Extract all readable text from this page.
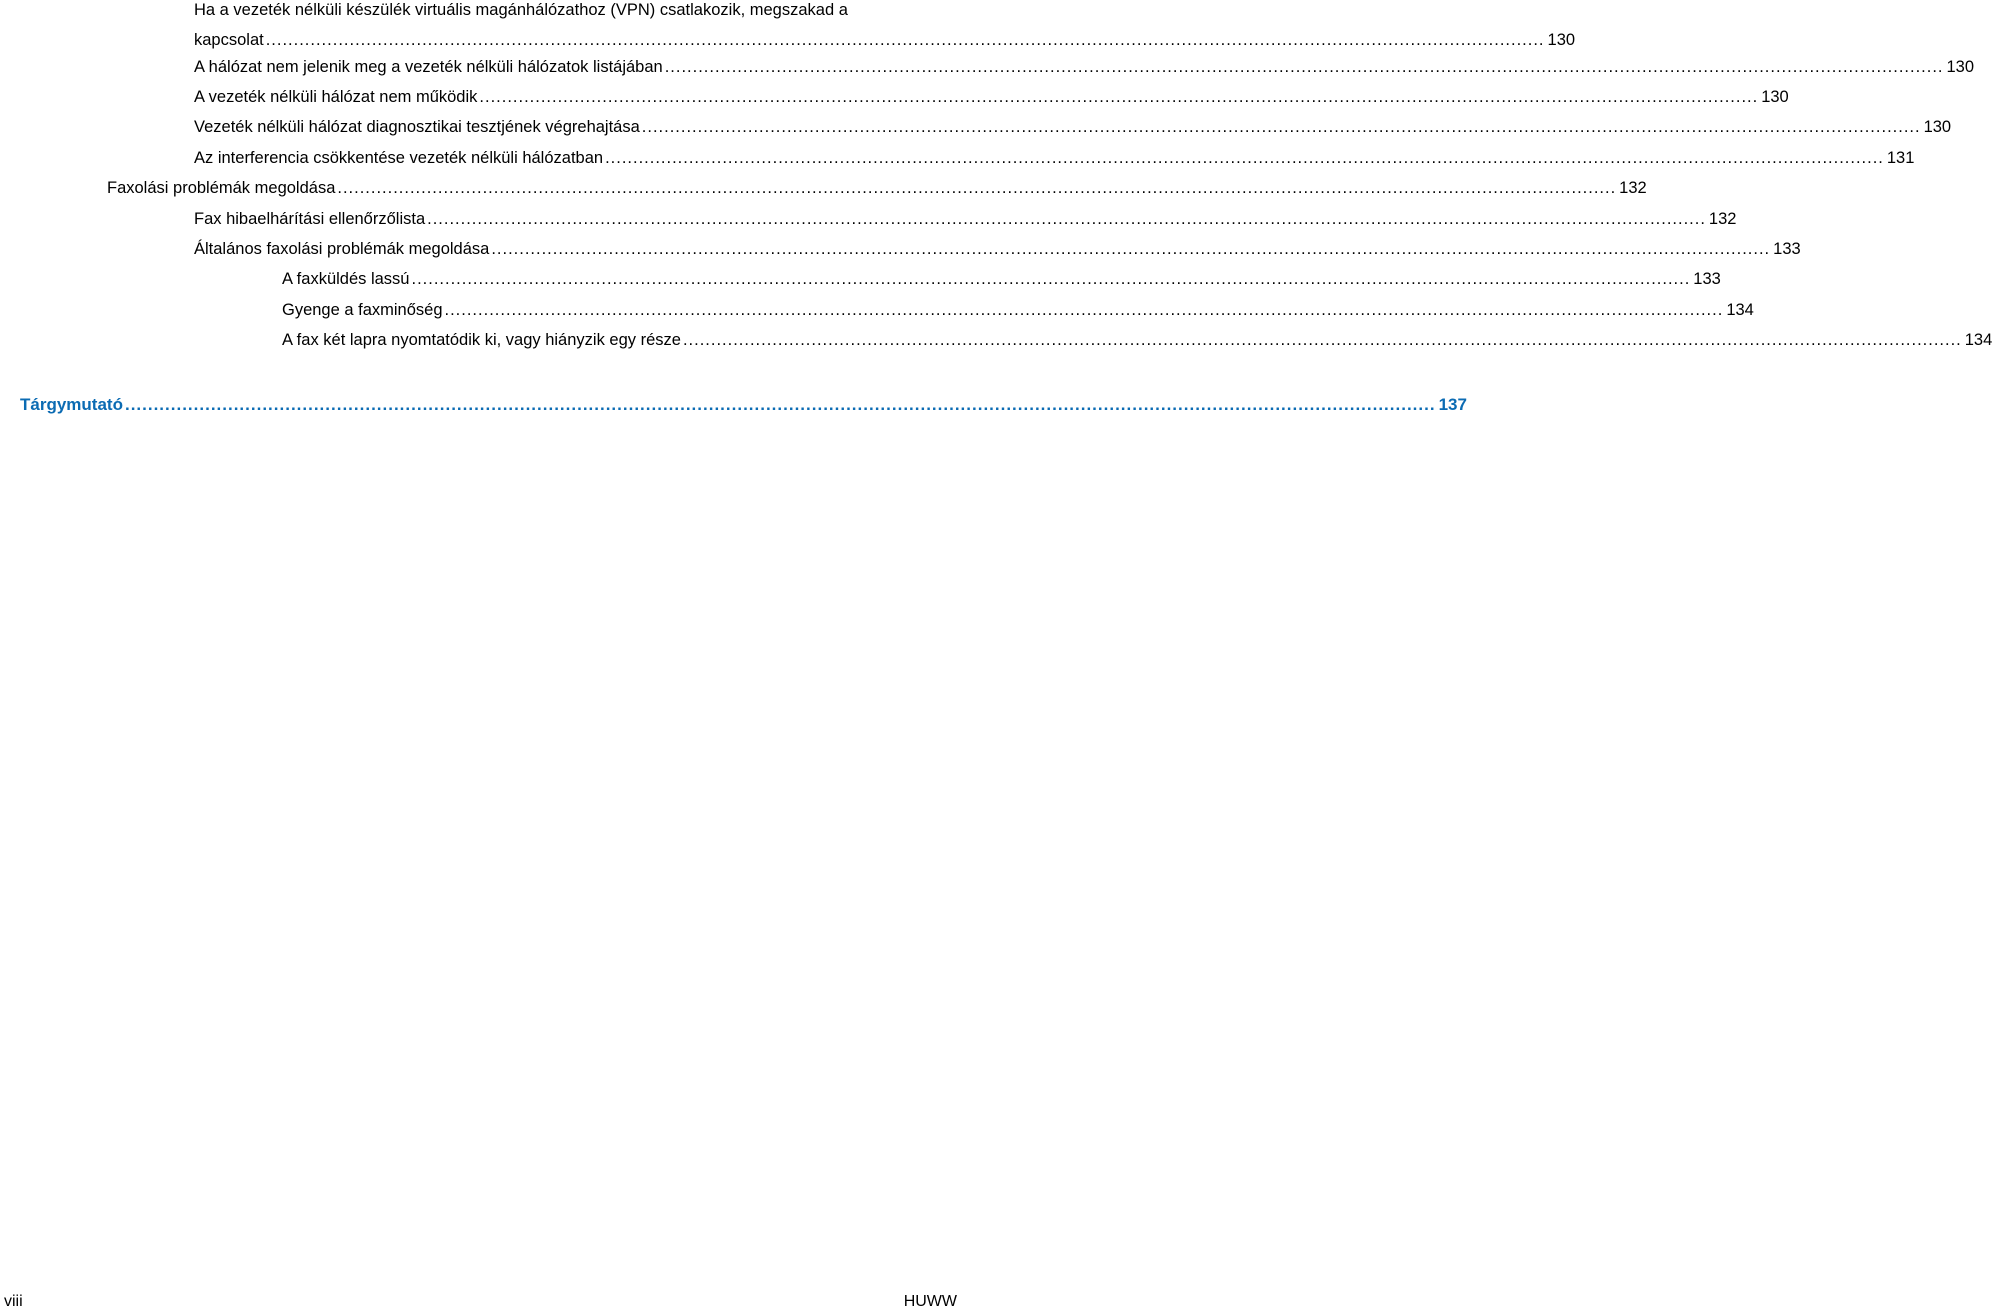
Ha a vezeték nélküli készülék virtuális magánhálózathoz (VPN) csatlakozik, megszakad a
kapcsolat ..................................................................................................................................................................................................................................... 130
A hálózat nem jelenik meg a vezeték nélküli hálózatok listájában ..................................................................................................................................................................................................................................... 130
A vezeték nélküli hálózat nem működik ..................................................................................................................................................................................................................................... 130
Vezeték nélküli hálózat diagnosztikai tesztjének végrehajtása ..................................................................................................................................................................................................................................... 130
Az interferencia csökkentése vezeték nélküli hálózatban ..................................................................................................................................................................................................................................... 131
Faxolási problémák megoldása ..................................................................................................................................................................................................................................... 132
Fax hibaelhárítási ellenőrzőlista ..................................................................................................................................................................................................................................... 132
Általános faxolási problémák megoldása ..................................................................................................................................................................................................................................... 133
A faxküldés lassú ..................................................................................................................................................................................................................................... 133
Gyenge a faxminőség ..................................................................................................................................................................................................................................... 134
A fax két lapra nyomtatódik ki, vagy hiányzik egy része ..................................................................................................................................................................................................................................... 134
Tárgymutató ..................................................................................................................................................................................................................................... 137
viii	HUWW
